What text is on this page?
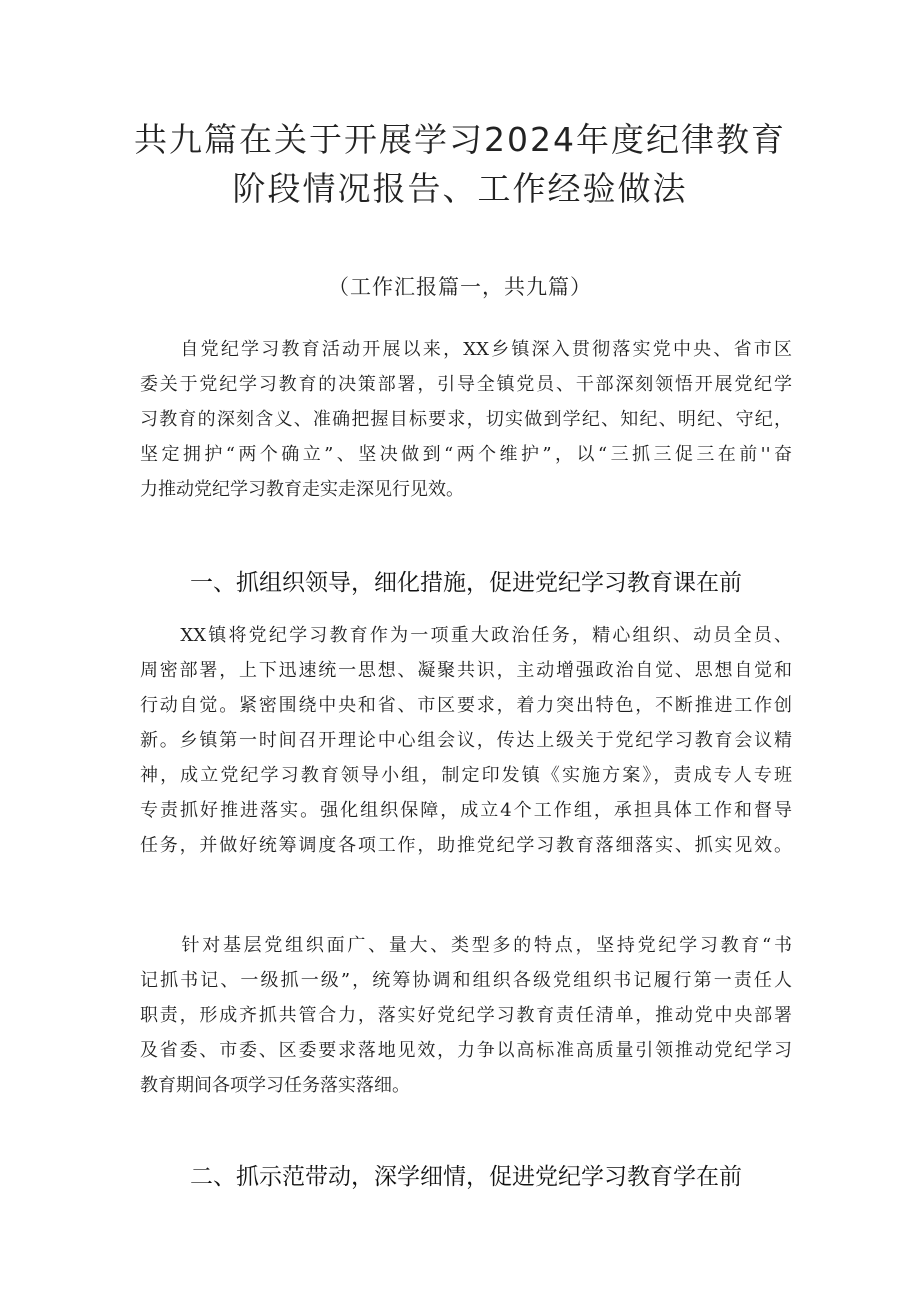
共九篇在关于开展学习2024年度纪律教育
阶段情况报告、工作经验做法
（工作汇报篇一，共九篇）
　　自党纪学习教育活动开展以来，XX乡镇深入贯彻落实党中央、省市区
委关于党纪学习教育的决策部署，引导全镇党员、干部深刻领悟开展党纪学
习教育的深刻含义、准确把握目标要求，切实做到学纪、知纪、明纪、守纪，
坚定拥护“两个确立”、坚决做到“两个维护”，以“三抓三促三在前''奋
力推动党纪学习教育走实走深见行见效。
一、抓组织领导，细化措施，促进党纪学习教育课在前
　　XX镇将党纪学习教育作为一项重大政治任务，精心组织、动员全员、
周密部署，上下迅速统一思想、凝聚共识，主动增强政治自觉、思想自觉和
行动自觉。紧密围绕中央和省、市区要求，着力突出特色，不断推进工作创
新。乡镇第一时间召开理论中心组会议，传达上级关于党纪学习教育会议精
神，成立党纪学习教育领导小组，制定印发镇《实施方案》，责成专人专班
专责抓好推进落实。强化组织保障，成立4个工作组，承担具体工作和督导
任务，并做好统筹调度各项工作，助推党纪学习教育落细落实、抓实见效。
　　针对基层党组织面广、量大、类型多的特点，坚持党纪学习教育“书
记抓书记、一级抓一级”，统筹协调和组织各级党组织书记履行第一责任人
职责，形成齐抓共管合力，落实好党纪学习教育责任清单，推动党中央部署
及省委、市委、区委要求落地见效，力争以高标准高质量引领推动党纪学习
教育期间各项学习任务落实落细。
二、抓示范带动，深学细情，促进党纪学习教育学在前
